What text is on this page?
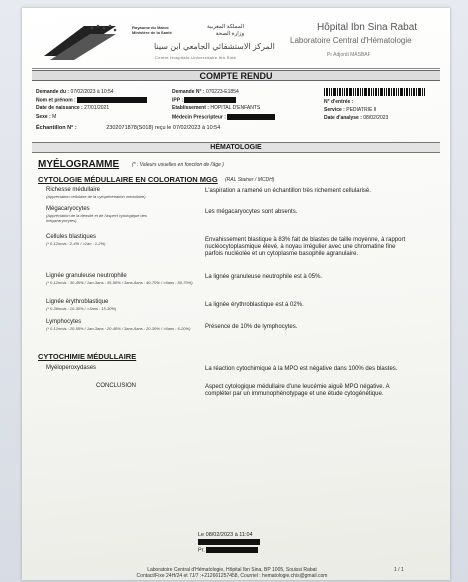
Royaume du Maroc
Ministère de la Santé
المملكة المغربية
وزارة الصحة
المركز الاستشفائي الجامعي ابن سينا
Centre Hospitalo-Universitaire Ibn Sina
Hôpital Ibn Sina Rabat
Laboratoire Central d'Hématologie
Pr Adjordi MASBAF
COMPTE RENDU
Demande du : 07/02/2023 à 10:54	Demande N° : 070223-E1854
Nom et prénom :	IPP :	N° d'entrée :
Date de naissance : 27/01/2021	Etablissement : HOPITAL D'ENFANTS	Service : PEDIATRIE II
Sexe : M	Médecin Prescripteur :	Date d'analyse : 08/02/2023
Échantillon N° :	2302071878(S018) reçu le 07/02/2023 à 10:54
HÉMATOLOGIE
MYÉLOGRAMME	(* : Valeurs usuelles en fonction de l'âge )
CYTOLOGIE MÉDULLAIRE EN COLORATION MGG (RAL Stainer / MCDH)
Richesse médullaire
(Appréciation cellulaire de la cytopénétration médullaire)
L'aspiration a ramené un échantillon très richement cellularisé.
Mégacaryocytes
(Appréciation de la densité et de l'aspect cytologique des mégacaryocytes)
Les mégacaryocytes sont absents.
Cellules blastiques
(* 0-12mois : 2-4% / >1an : 1-2%)
Envahissement blastique à 83% fait de blastes de taille moyenne, à rapport nucléocytoplasmique élevé, à noyau irrégulier avec une chromatine fine parfois nucléolée et un cytoplasme basophile agranulaire.
Lignée granuleuse neutrophile
(* 0-12mois : 30-45% / 1an-3ans : 35-50% / 3ans-6ans : 40-70% / >6ans : 50-70%)
La lignée granuleuse neutrophile est à 05%.
Lignée érythroblastique
(* 0-36mois : 10-30% / >3ans : 15-30%)
La lignée érythroblastique est à 02%.
Lymphocytes
(* 0-12mois : 20-55% / 1an-3ans : 20-40% / 3ans-6ans : 20-30% / >6ans : 5-20%)	Présence de 10% de lymphocytes.
CYTOCHIMIE MÉDULLAIRE
Myéloperoxydases	La réaction cytochimique à la MPO est négative dans 100% des blastes.
CONCLUSION	Aspect cytologique médullaire d'une leucémie aiguë MPO négative. A compléter par un immunophénotypage et une étude cytogénétique.
Le 08/02/2023 à 11:04
Pr.
Laboratoire Central d'Hématologie, Hôpital Ibn Sina, BP 1005, Souissi Rabat
Contact/Fixe 24H/24 et 7J/7 :+212661257458, Courriel : hematologie.chis@gmail.com
1 / 1
